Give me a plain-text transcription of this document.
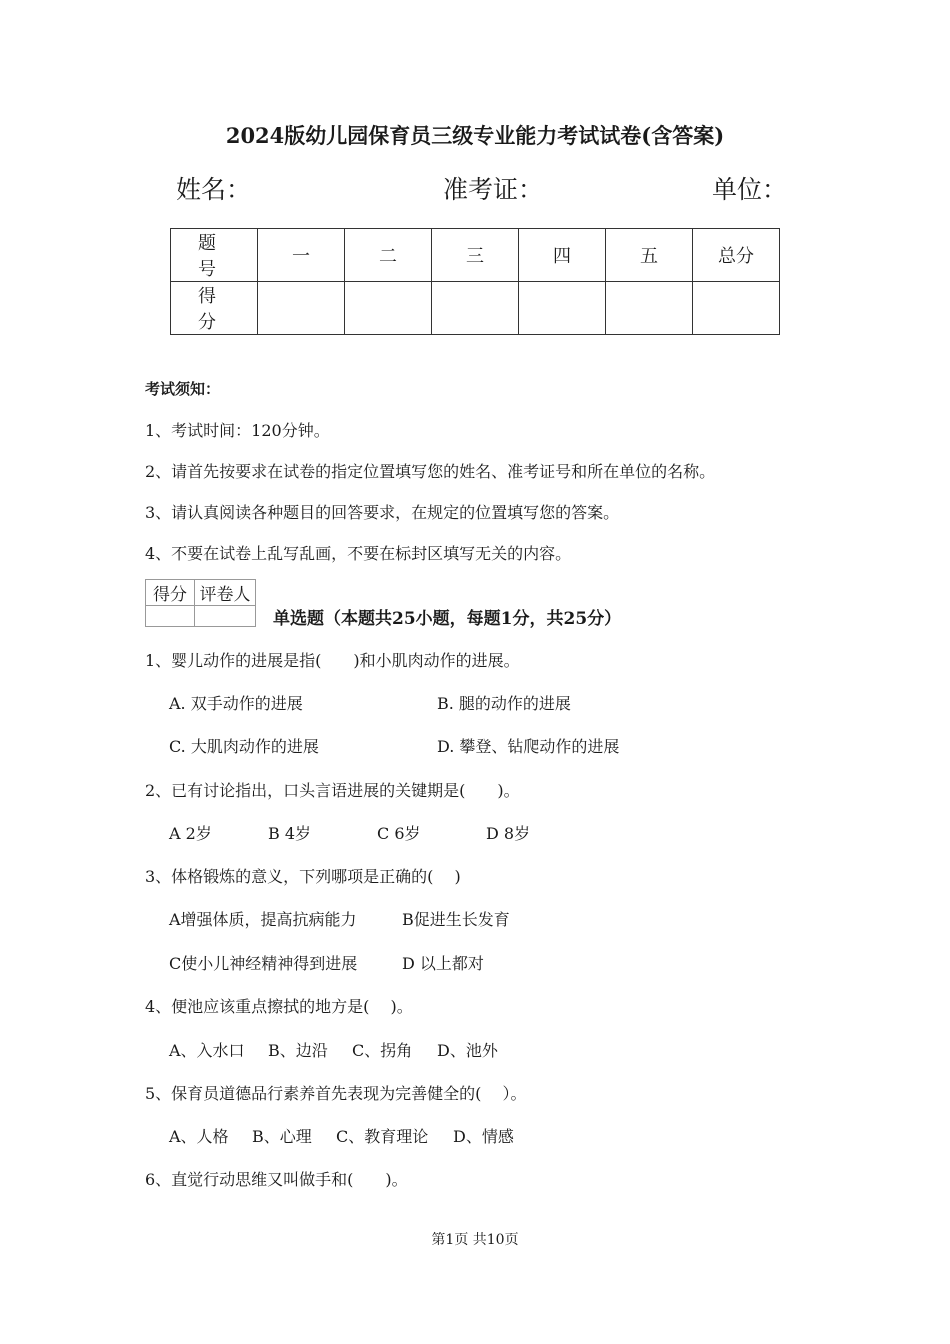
2024版幼儿园保育员三级专业能力考试试卷(含答案)
姓名：	准考证：	单位：
题　号	一	二	三	四	五	总分
得　分						
考试须知：
1、考试时间：120分钟。
2、请首先按要求在试卷的指定位置填写您的姓名、准考证号和所在单位的名称。
3、请认真阅读各种题目的回答要求，在规定的位置填写您的答案。
4、不要在试卷上乱写乱画，不要在标封区填写无关的内容。
得分	评卷人

单选题（本题共25小题，每题1分，共25分）
1、婴儿动作的进展是指(　　)和小肌肉动作的进展。
A. 双手动作的进展	B. 腿的动作的进展
C. 大肌肉动作的进展	D. 攀登、钻爬动作的进展
2、已有讨论指出，口头言语进展的关键期是(　　)。
A 2岁	B 4岁	C 6岁	D 8岁
3、体格锻炼的意义，下列哪项是正确的(　 )
A增强体质，提高抗病能力	B促进生长发育
C使小儿神经精神得到进展	D 以上都对
4、便池应该重点擦拭的地方是(　 )。
A、入水口 B、边沿 C、拐角 D、池外
5、保育员道德品行素养首先表现为完善健全的(　 ）。
A、人格 B、心理 C、教育理论 D、情感
6、直觉行动思维又叫做手和(　　)。
第1页 共10页
